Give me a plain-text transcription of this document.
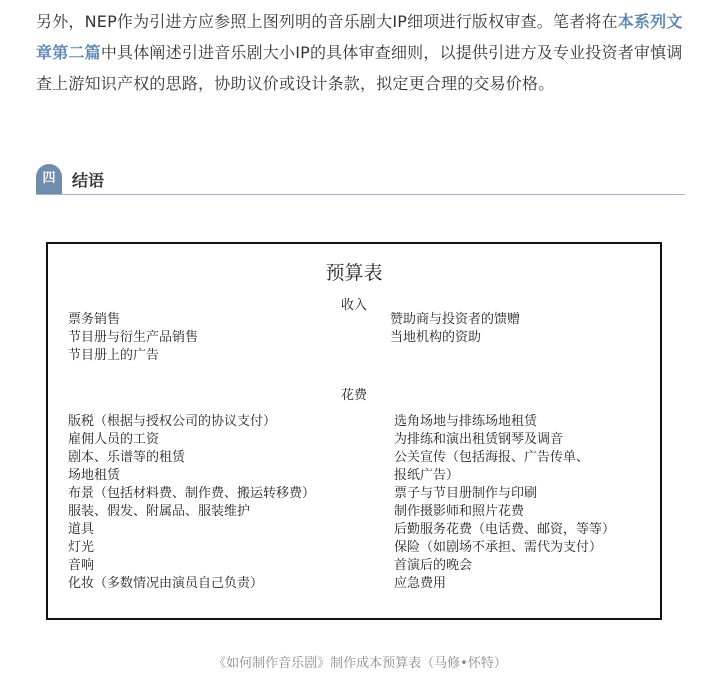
另外，NEP作为引进方应参照上图列明的音乐剧大IP细项进行版权审查。笔者将在本系列文章第二篇中具体阐述引进音乐剧大小IP的具体审查细则，以提供引进方及专业投资者审慎调查上游知识产权的思路，协助议价或设计条款，拟定更合理的交易价格。

四	结语
预算表
收入
票务销售
节目册与衍生产品销售
节目册上的广告
赞助商与投资者的馈赠
当地机构的资助
花费
版税（根据与授权公司的协议支付）
雇佣人员的工资
剧本、乐谱等的租赁
场地租赁
布景（包括材料费、制作费、搬运转移费）
服装、假发、附属品、服装维护
道具
灯光
音响
化妆（多数情况由演员自己负责）
选角场地与排练场地租赁
为排练和演出租赁钢琴及调音
公关宣传（包括海报、广告传单、
报纸广告）
票子与节目册制作与印刷
制作摄影师和照片花费
后勤服务花费（电话费、邮资，等等）
保险（如剧场不承担、需代为支付）
首演后的晚会
应急费用
《如何制作音乐剧》制作成本预算表（马修•怀特）
